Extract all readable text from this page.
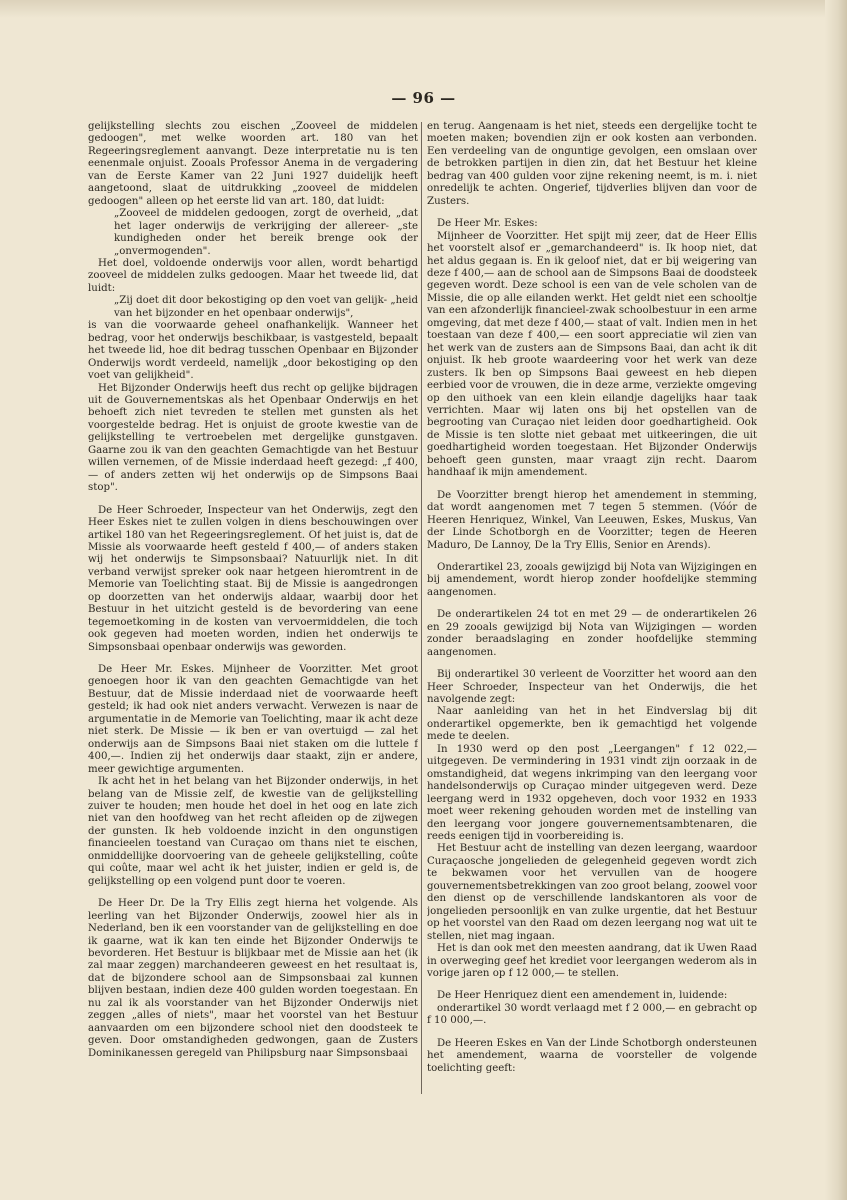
— 96 —

gelijkstelling slechts zou eischen „Zooveel de middelen gedoogen", met welke woorden art. 180 van het Regeeringsreglement aanvangt. Deze interpretatie nu is ten eenenmale onjuist. Zooals Professor Anema in de vergadering van de Eerste Kamer van 22 Juni 1927 duidelijk heeft aangetoond, slaat de uitdrukking „zooveel de middelen gedoogen" alleen op het eerste lid van art. 180, dat luidt:

„Zooveel de middelen gedoogen, zorgt de overheid, „dat het lager onderwijs de verkrijging der allereer- „ste kundigheden onder het bereik brenge ook der „onvermogenden".

Het doel, voldoende onderwijs voor allen, wordt behartigd zooveel de middelen zulks gedoogen. Maar het tweede lid, dat luidt:

„Zij doet dit door bekostiging op den voet van gelijk- „heid van het bijzonder en het openbaar onderwijs",

is van die voorwaarde geheel onafhankelijk. Wanneer het bedrag, voor het onderwijs beschikbaar, is vastgesteld, bepaalt het tweede lid, hoe dit bedrag tusschen Openbaar en Bijzonder Onderwijs wordt verdeeld, namelijk „door bekostiging op den voet van gelijkheid".

Het Bijzonder Onderwijs heeft dus recht op gelijke bijdragen uit de Gouvernementskas als het Openbaar Onderwijs en het behoeft zich niet tevreden te stellen met gunsten als het voorgestelde bedrag. Het is onjuist de groote kwestie van de gelijkstelling te vertroebelen met dergelijke gunstgaven. Gaarne zou ik van den geachten Gemachtigde van het Bestuur willen vernemen, of de Missie inderdaad heeft gezegd: „f 400,— of anders zetten wij het onderwijs op de Simpsons Baai stop".

De Heer Schroeder, Inspecteur van het Onderwijs, zegt den Heer Eskes niet te zullen volgen in diens beschouwingen over artikel 180 van het Regeeringsreglement. Of het juist is, dat de Missie als voorwaarde heeft gesteld f 400,— of anders staken wij het onderwijs te Simpsonsbaai? Natuurlijk niet. In dit verband verwijst spreker ook naar hetgeen hieromtrent in de Memorie van Toelichting staat. Bij de Missie is aangedrongen op doorzetten van het onderwijs aldaar, waarbij door het Bestuur in het uitzicht gesteld is de bevordering van eene tegemoetkoming in de kosten van vervoermiddelen, die toch ook gegeven had moeten worden, indien het onderwijs te Simpsonsbaai openbaar onderwijs was geworden.

De Heer Mr. Eskes. Mijnheer de Voorzitter. Met groot genoegen hoor ik van den geachten Gemachtigde van het Bestuur, dat de Missie inderdaad niet de voorwaarde heeft gesteld; ik had ook niet anders verwacht. Verwezen is naar de argumentatie in de Memorie van Toelichting, maar ik acht deze niet sterk. De Missie — ik ben er van overtuigd — zal het onderwijs aan de Simpsons Baai niet staken om die luttele f 400,—. Indien zij het onderwijs daar staakt, zijn er andere, meer gewichtige argumenten.

Ik acht het in het belang van het Bijzonder onderwijs, in het belang van de Missie zelf, de kwestie van de gelijkstelling zuiver te houden; men houde het doel in het oog en late zich niet van den hoofdweg van het recht afleiden op de zijwegen der gunsten. Ik heb voldoende inzicht in den ongunstigen financieelen toestand van Curaçao om thans niet te eischen, onmiddellijke doorvoering van de geheele gelijkstelling, coûte qui coûte, maar wel acht ik het juister, indien er geld is, de gelijkstelling op een volgend punt door te voeren.

De Heer Dr. De la Try Ellis zegt hierna het volgende. Als leerling van het Bijzonder Onderwijs, zoowel hier als in Nederland, ben ik een voorstander van de gelijkstelling en doe ik gaarne, wat ik kan ten einde het Bijzonder Onderwijs te bevorderen. Het Bestuur is blijkbaar met de Missie aan het (ik zal maar zeggen) marchandeeren geweest en het resultaat is, dat de bijzondere school aan de Simpsonsbaai zal kunnen blijven bestaan, indien deze 400 gulden worden toegestaan. En nu zal ik als voorstander van het Bijzonder Onderwijs niet zeggen „alles of niets", maar het voorstel van het Bestuur aanvaarden om een bijzondere school niet den doodsteek te geven. Door omstandigheden gedwongen, gaan de Zusters Dominikanessen geregeld van Philipsburg naar Simpsonsbaai

en terug. Aangenaam is het niet, steeds een dergelijke tocht te moeten maken; bovendien zijn er ook kosten aan verbonden. Een verdeeling van de onguntige gevolgen, een omslaan over de betrokken partijen in dien zin, dat het Bestuur het kleine bedrag van 400 gulden voor zijne rekening neemt, is m. i. niet onredelijk te achten. Ongerief, tijdverlies blijven dan voor de Zusters.

De Heer Mr. Eskes:

Mijnheer de Voorzitter. Het spijt mij zeer, dat de Heer Ellis het voorstelt alsof er „gemarchandeerd" is. Ik hoop niet, dat het aldus gegaan is. En ik geloof niet, dat er bij weigering van deze f 400,— aan de school aan de Simpsons Baai de doodsteek gegeven wordt. Deze school is een van de vele scholen van de Missie, die op alle eilanden werkt. Het geldt niet een schooltje van een afzonderlijk financieel-zwak schoolbestuur in een arme omgeving, dat met deze f 400,— staat of valt. Indien men in het toestaan van deze f 400,— een soort appreciatie wil zien van het werk van de zusters aan de Simpsons Baai, dan acht ik dit onjuist. Ik heb groote waardeering voor het werk van deze zusters. Ik ben op Simpsons Baai geweest en heb diepen eerbied voor de vrouwen, die in deze arme, verziekte omgeving op den uithoek van een klein eilandje dagelijks haar taak verrichten. Maar wij laten ons bij het opstellen van de begrooting van Curaçao niet leiden door goedhartigheid. Ook de Missie is ten slotte niet gebaat met uitkeeringen, die uit goedhartigheid worden toegestaan. Het Bijzonder Onderwijs behoeft geen gunsten, maar vraagt zijn recht. Daarom handhaaf ik mijn amendement.

De Voorzitter brengt hierop het amendement in stemming, dat wordt aangenomen met 7 tegen 5 stemmen. (Vóór de Heeren Henriquez, Winkel, Van Leeuwen, Eskes, Muskus, Van der Linde Schotborgh en de Voorzitter; tegen de Heeren Maduro, De Lannoy, De la Try Ellis, Senior en Arends).

Onderartikel 23, zooals gewijzigd bij Nota van Wijzigingen en bij amendement, wordt hierop zonder hoofdelijke stemming aangenomen.

De onderartikelen 24 tot en met 29 — de onderartikelen 26 en 29 zooals gewijzigd bij Nota van Wijzigingen — worden zonder beraadslaging en zonder hoofdelijke stemming aangenomen.

Bij onderartikel 30 verleent de Voorzitter het woord aan den Heer Schroeder, Inspecteur van het Onderwijs, die het navolgende zegt:

Naar aanleiding van het in het Eindverslag bij dit onderartikel opgemerkte, ben ik gemachtigd het volgende mede te deelen.

In 1930 werd op den post „Leergangen" f 12 022,— uitgegeven. De vermindering in 1931 vindt zijn oorzaak in de omstandigheid, dat wegens inkrimping van den leergang voor handelsonderwijs op Curaçao minder uitgegeven werd. Deze leergang werd in 1932 opgeheven, doch voor 1932 en 1933 moet weer rekening gehouden worden met de instelling van den leergang voor jongere gouvernementsambtenaren, die reeds eenigen tijd in voorbereiding is.

Het Bestuur acht de instelling van dezen leergang, waardoor Curaçaosche jongelieden de gelegenheid gegeven wordt zich te bekwamen voor het vervullen van de hoogere gouvernementsbetrekkingen van zoo groot belang, zoowel voor den dienst op de verschillende landskantoren als voor de jongelieden persoonlijk en van zulke urgentie, dat het Bestuur op het voorstel van den Raad om dezen leergang nog wat uit te stellen, niet mag ingaan.

Het is dan ook met den meesten aandrang, dat ik Uwen Raad in overweging geef het krediet voor leergangen wederom als in vorige jaren op f 12 000,— te stellen.

De Heer Henriquez dient een amendement in, luidende:

onderartikel 30 wordt verlaagd met f 2 000,— en gebracht op f 10 000,—.

De Heeren Eskes en Van der Linde Schotborgh ondersteunen het amendement, waarna de voorsteller de volgende toelichting geeft:
